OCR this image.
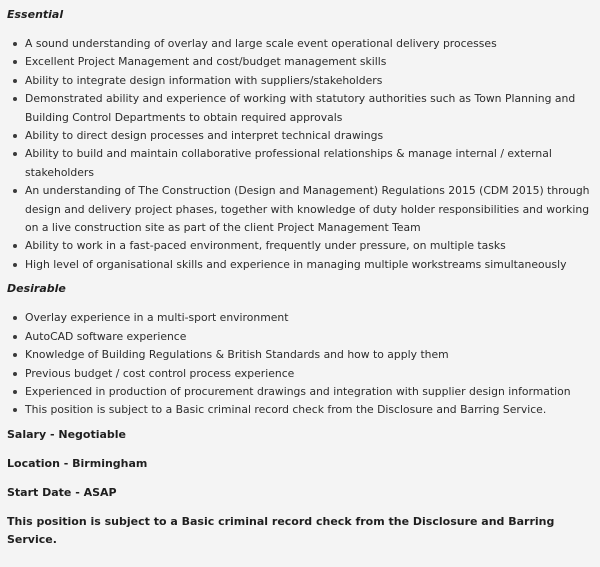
Essential
A sound understanding of overlay and large scale event operational delivery processes
Excellent Project Management and cost/budget management skills
Ability to integrate design information with suppliers/stakeholders
Demonstrated ability and experience of working with statutory authorities such as Town Planning and Building Control Departments to obtain required approvals
Ability to direct design processes and interpret technical drawings
Ability to build and maintain collaborative professional relationships & manage internal / external stakeholders
An understanding of The Construction (Design and Management) Regulations 2015 (CDM 2015) through design and delivery project phases, together with knowledge of duty holder responsibilities and working on a live construction site as part of the client Project Management Team
Ability to work in a fast-paced environment, frequently under pressure, on multiple tasks
High level of organisational skills and experience in managing multiple workstreams simultaneously
Desirable
Overlay experience in a multi-sport environment
AutoCAD software experience
Knowledge of Building Regulations & British Standards and how to apply them
Previous budget / cost control process experience
Experienced in production of procurement drawings and integration with supplier design information
This position is subject to a Basic criminal record check from the Disclosure and Barring Service.
Salary - Negotiable
Location - Birmingham
Start Date - ASAP
This position is subject to a Basic criminal record check from the Disclosure and Barring Service.
